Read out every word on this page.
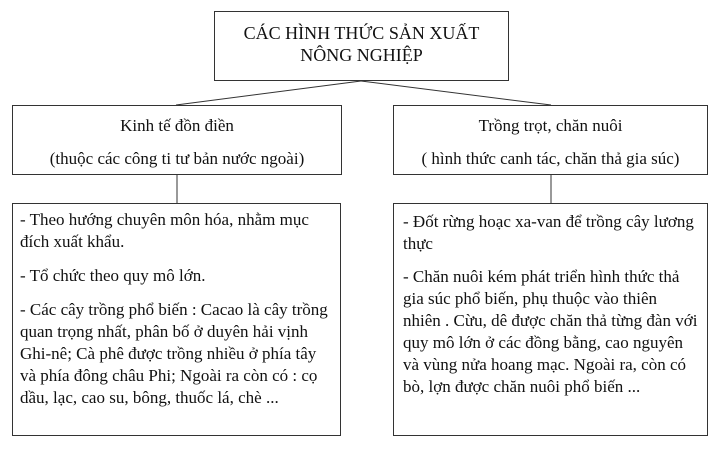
CÁC HÌNH THỨC SẢN XUẤT
NÔNG NGHIỆP
Kinh tế đồn điền
(thuộc các công ti tư bản nước ngoài)
Trồng trọt, chăn nuôi
( hình thức canh tác, chăn thả gia súc)

- Theo hướng chuyên môn hóa, nhằm mục đích xuất khẩu.

- Tổ chức theo quy mô lớn.

- Các cây trồng phổ biến : Cacao là cây trồng quan trọng nhất, phân bố ở duyên hải vịnh Ghi-nê; Cà phê được trồng nhiều ở phía tây và phía đông châu Phi; Ngoài ra còn có : cọ dầu, lạc, cao su, bông, thuốc lá, chè ...

- Đốt rừng hoạc xa-van để trồng cây lương thực

- Chăn nuôi kém phát triển hình thức thả gia súc phổ biến, phụ thuộc vào thiên nhiên . Cừu, dê được chăn thả từng đàn với quy mô lớn ở các đồng bằng, cao nguyên và vùng nửa hoang mạc. Ngoài ra, còn có bò, lợn được chăn nuôi phổ biến ...
